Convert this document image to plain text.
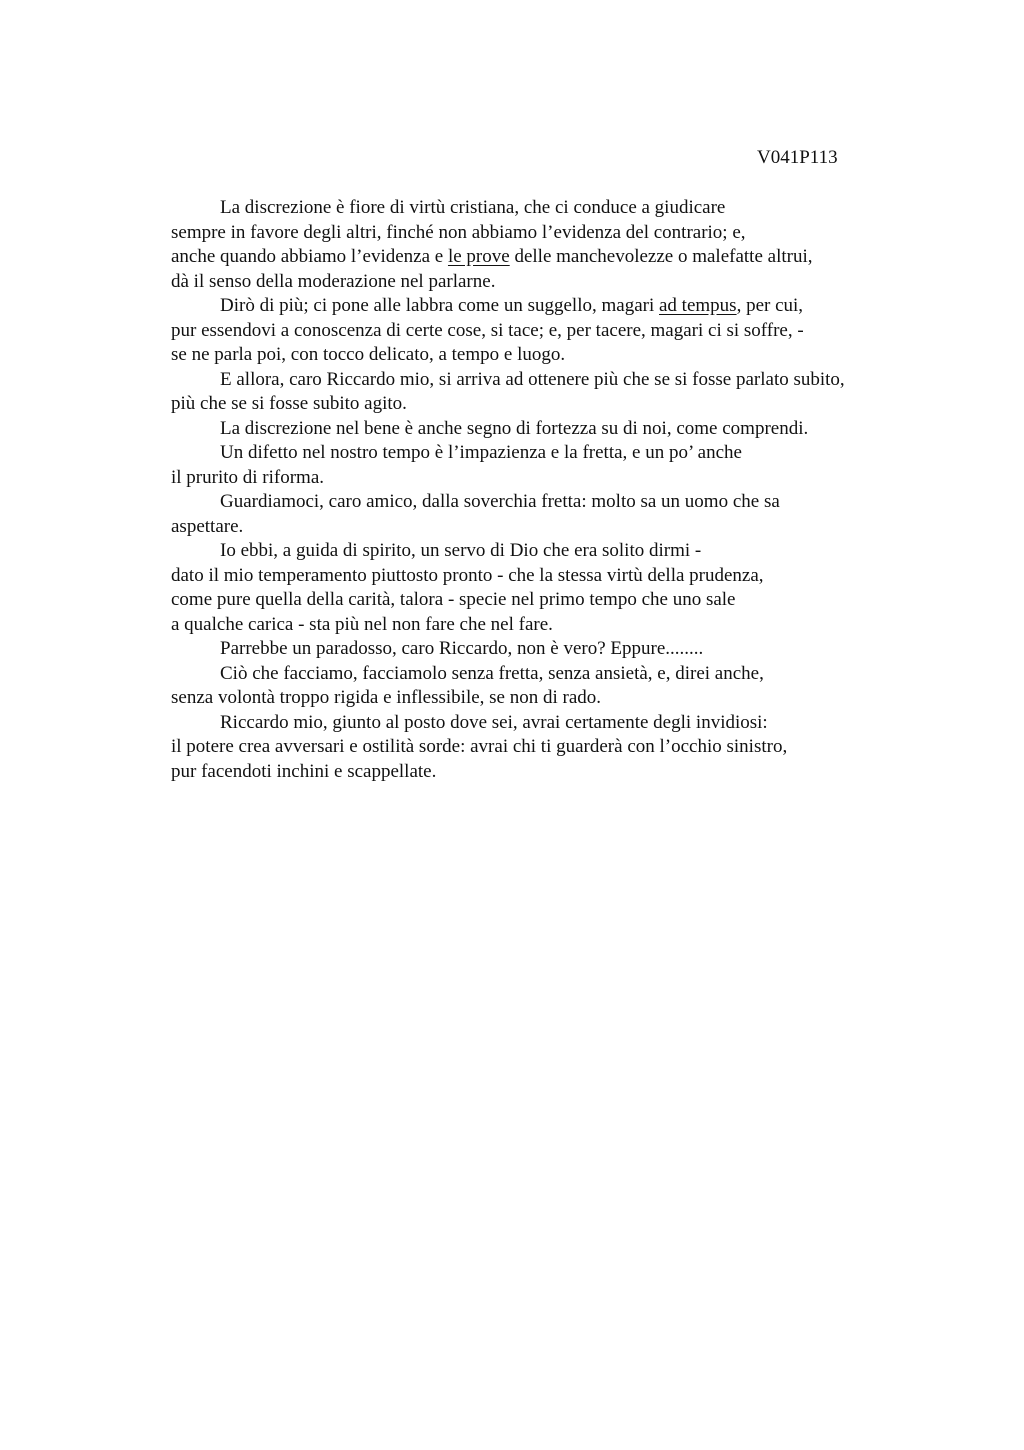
V041P113
La discrezione è fiore di virtù cristiana, che ci conduce a giudicare
sempre in favore degli altri, finché non abbiamo l’evidenza del contrario; e,
anche quando abbiamo l’evidenza e le prove delle manchevolezze o malefatte altrui,
dà il senso della moderazione nel parlarne.
Dirò di più; ci pone alle labbra come un suggello, magari ad tempus, per cui,
pur essendovi a conoscenza di certe cose, si tace; e, per tacere, magari ci si soffre, -
se ne parla poi, con tocco delicato, a tempo e luogo.
E allora, caro Riccardo mio, si arriva ad ottenere più che se si fosse parlato subito,
più che se si fosse subito agito.
La discrezione nel bene è anche segno di fortezza su di noi, come comprendi.
Un difetto nel nostro tempo è l’impazienza e la fretta, e un po’ anche
il prurito di riforma.
Guardiamoci, caro amico, dalla soverchia fretta: molto sa un uomo che sa
aspettare.
Io ebbi, a guida di spirito, un servo di Dio che era solito dirmi -
dato il mio temperamento piuttosto pronto - che la stessa virtù della prudenza,
come pure quella della carità, talora - specie nel primo tempo che uno sale
a qualche carica - sta più nel non fare che nel fare.
Parrebbe un paradosso, caro Riccardo, non è vero? Eppure........
Ciò che facciamo, facciamolo senza fretta, senza ansietà, e, direi anche,
senza volontà troppo rigida e inflessibile, se non di rado.
Riccardo mio, giunto al posto dove sei, avrai certamente degli invidiosi:
il potere crea avversari e ostilità sorde: avrai chi ti guarderà con l’occhio sinistro,
pur facendoti inchini e scappellate.
